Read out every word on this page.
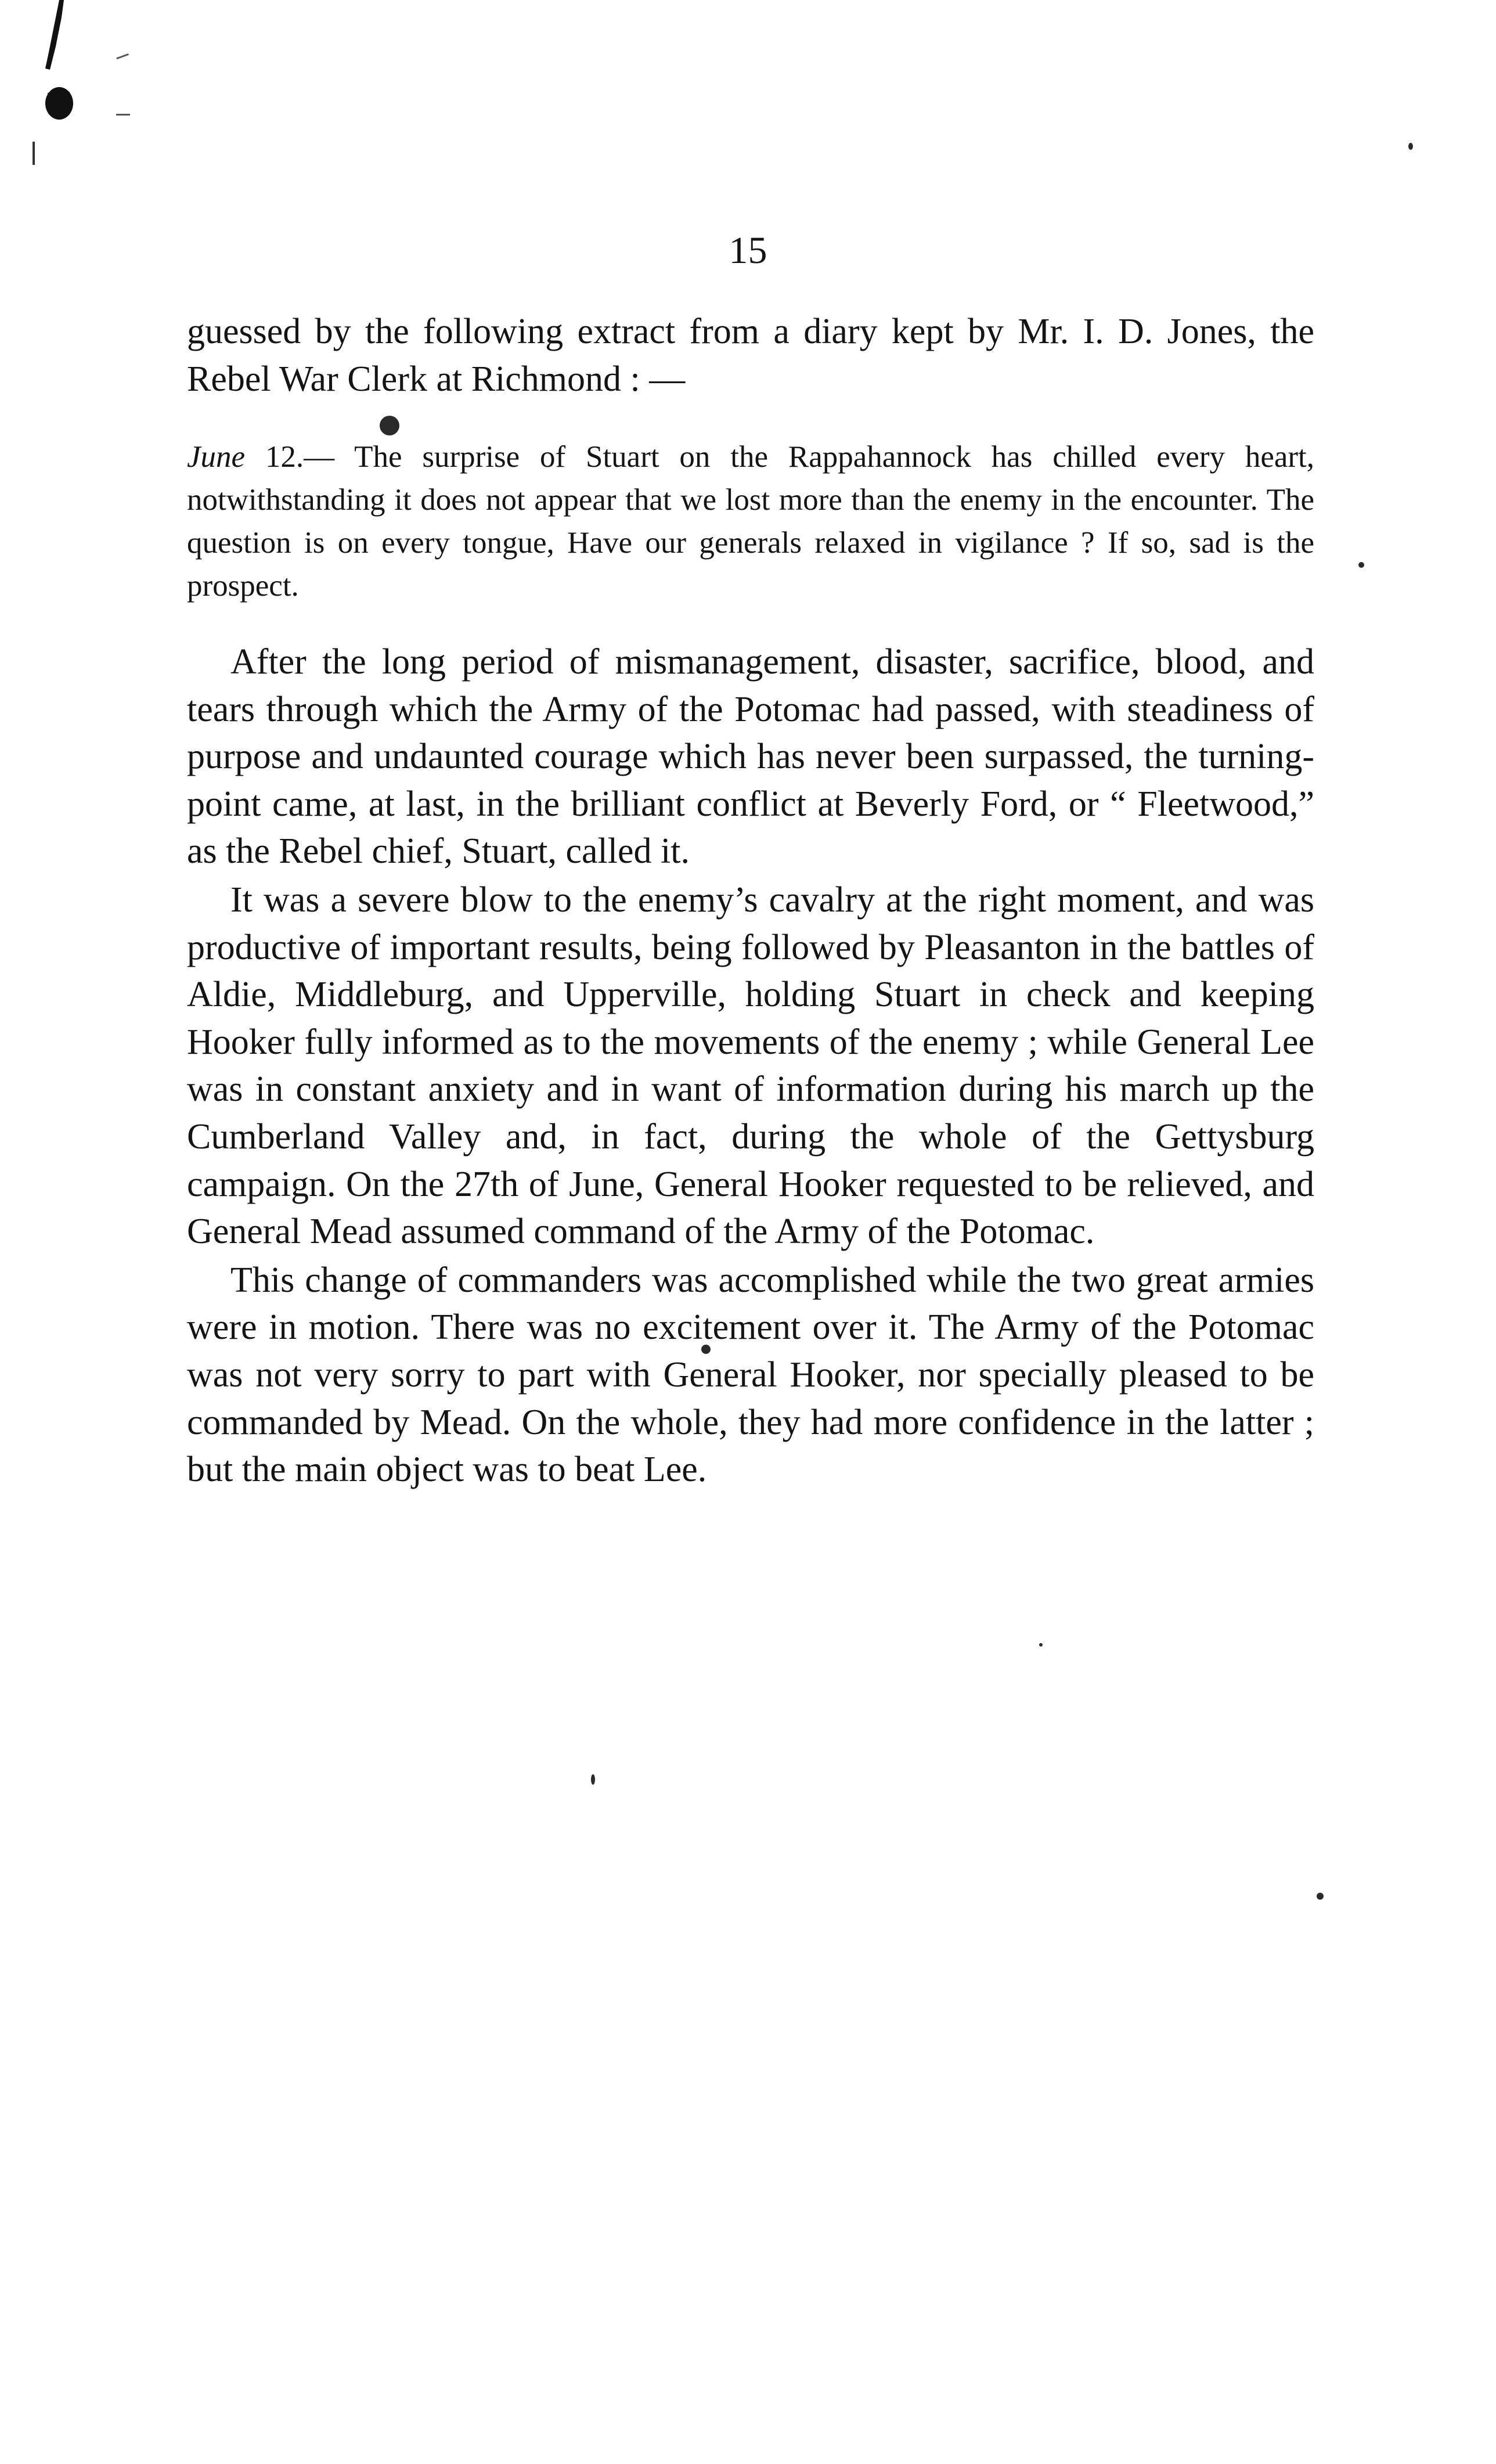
15

guessed by the following extract from a diary kept by Mr. I. D. Jones, the Rebel War Clerk at Richmond : —

June 12.— The surprise of Stuart on the Rappahannock has chilled every heart, notwithstanding it does not appear that we lost more than the enemy in the encounter. The question is on every tongue, Have our generals relaxed in vigilance ? If so, sad is the prospect.

After the long period of mismanagement, disaster, sacrifice, blood, and tears through which the Army of the Potomac had passed, with steadiness of purpose and undaunted courage which has never been surpassed, the turning-point came, at last, in the brilliant conflict at Beverly Ford, or “ Fleetwood,” as the Rebel chief, Stuart, called it.

It was a severe blow to the enemy’s cavalry at the right moment, and was productive of important results, being followed by Pleasanton in the battles of Aldie, Middleburg, and Upperville, holding Stuart in check and keeping Hooker fully informed as to the movements of the enemy ; while General Lee was in constant anxiety and in want of information during his march up the Cumberland Valley and, in fact, during the whole of the Gettysburg campaign. On the 27th of June, General Hooker requested to be relieved, and General Mead assumed command of the Army of the Potomac.

This change of commanders was accomplished while the two great armies were in motion. There was no excitement over it. The Army of the Potomac was not very sorry to part with General Hooker, nor specially pleased to be commanded by Mead. On the whole, they had more confidence in the latter ; but the main object was to beat Lee.
